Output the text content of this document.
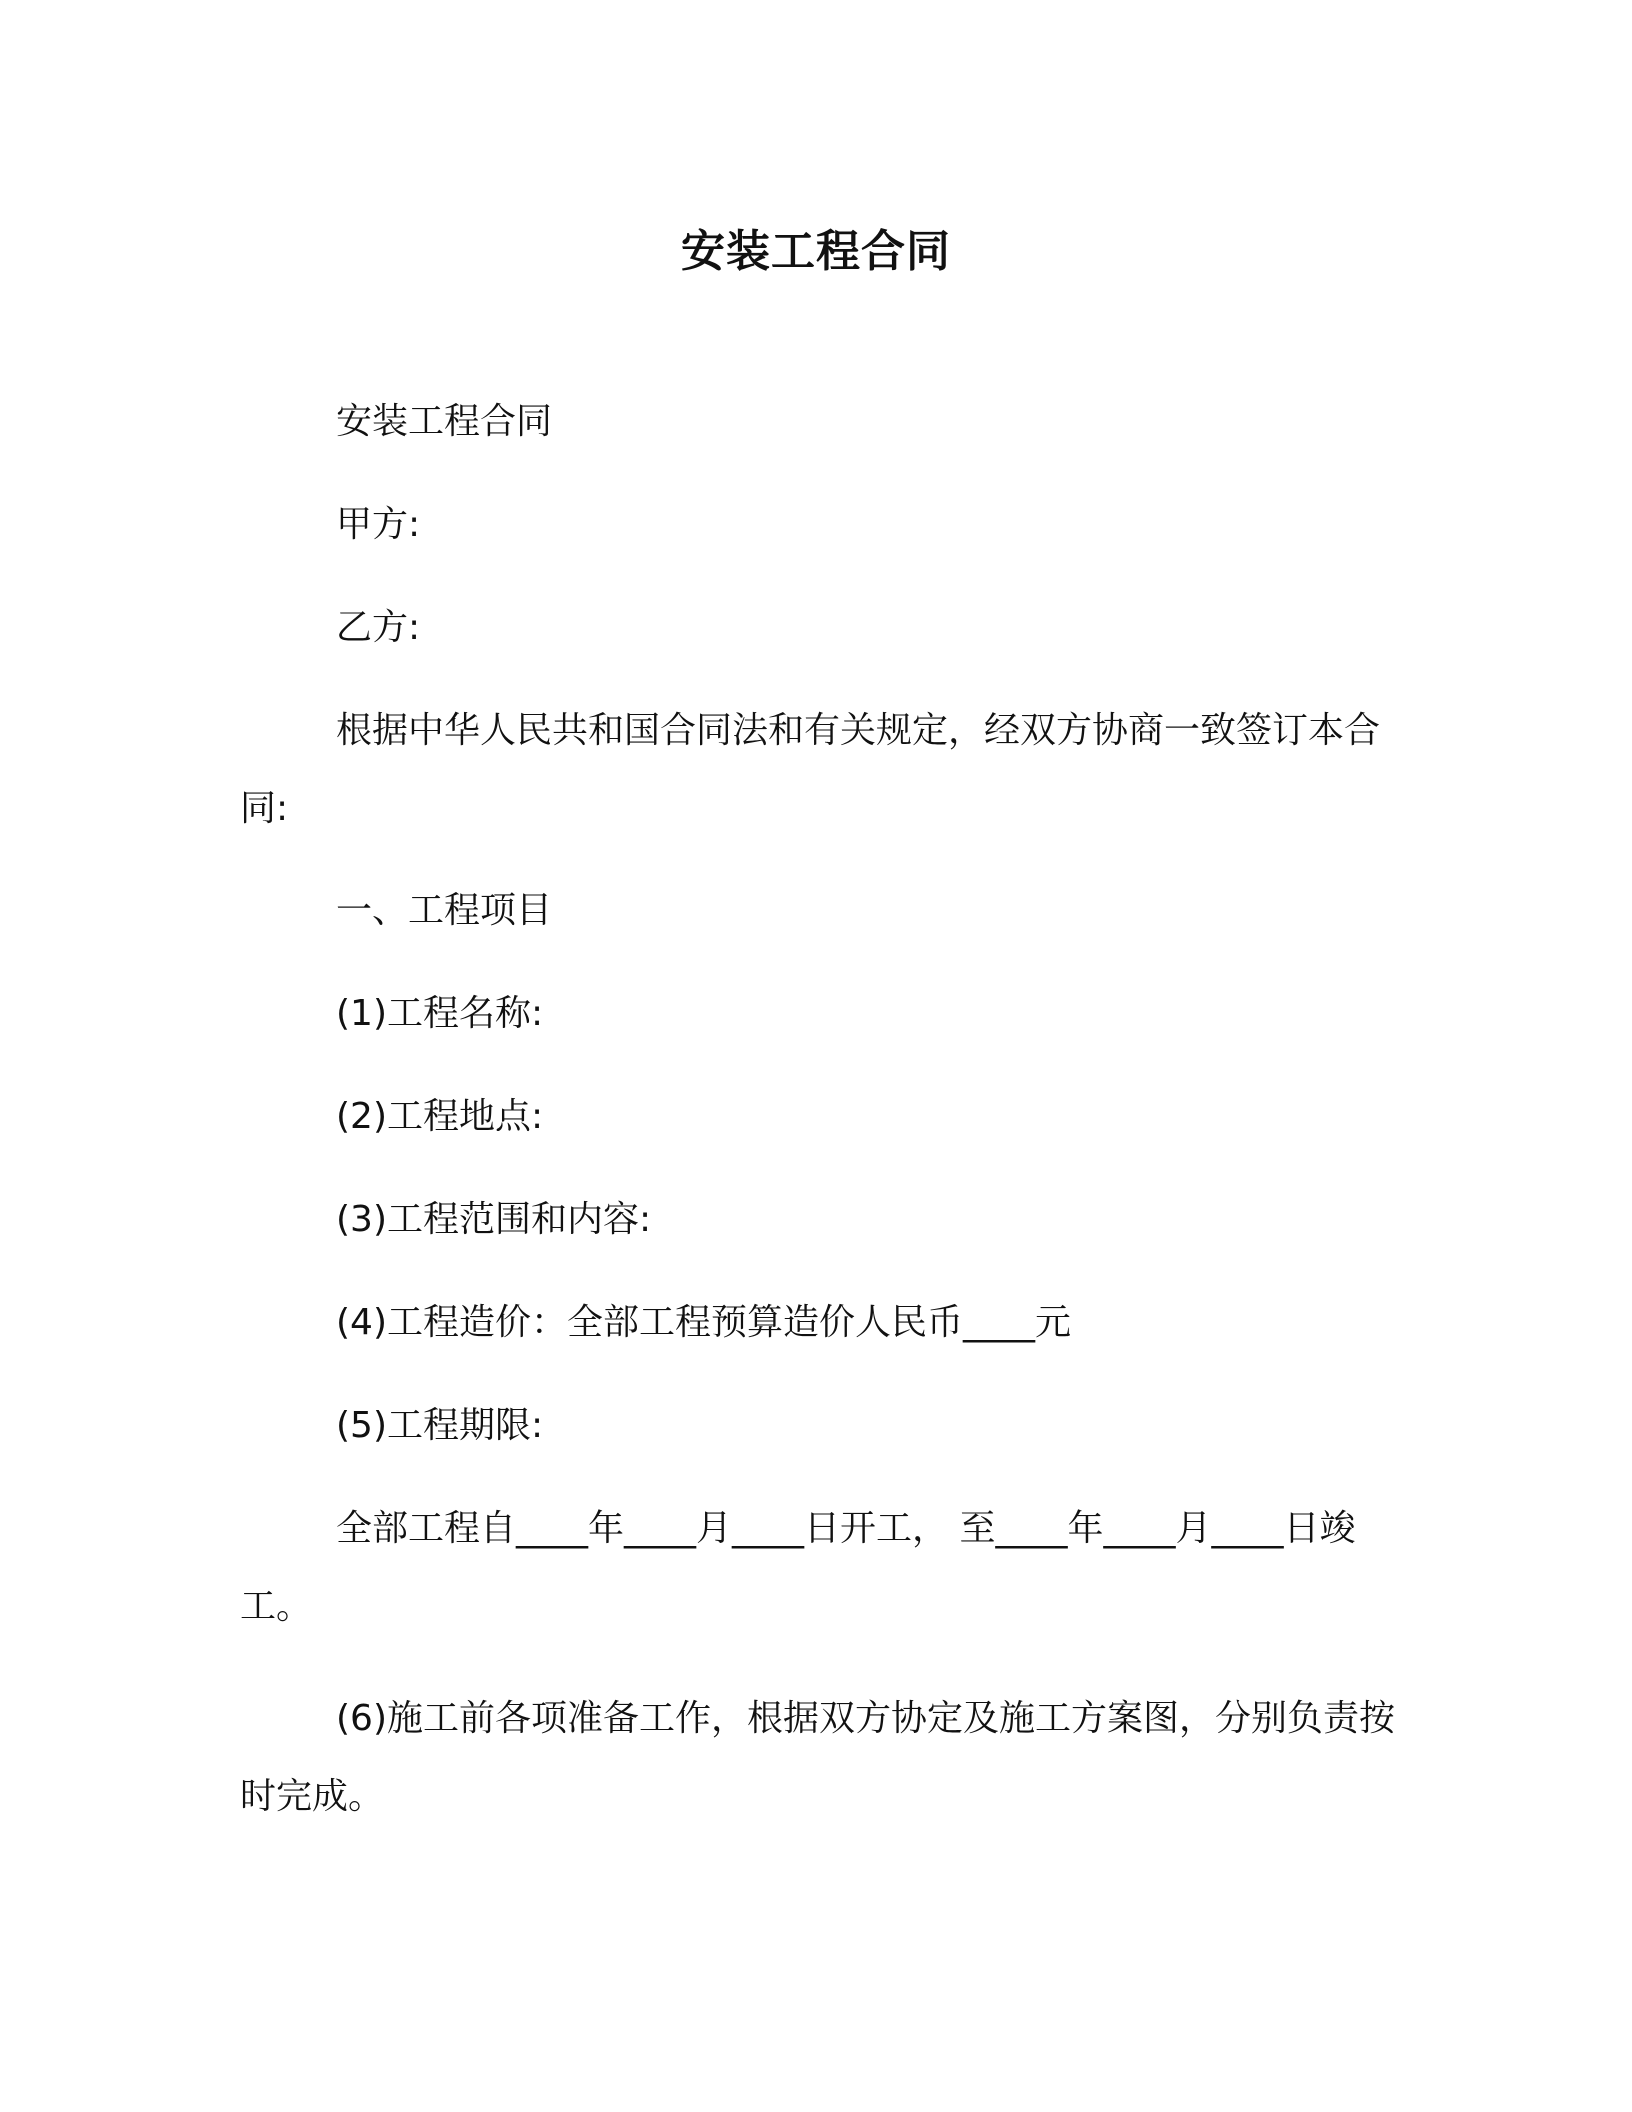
安装工程合同
安装工程合同
甲方:
乙方:
根据中华人民共和国合同法和有关规定，经双方协商一致签订本合同:
一、工程项目
(1)工程名称:
(2)工程地点:
(3)工程范围和内容:
(4)工程造价：全部工程预算造价人民币____元
(5)工程期限:
全部工程自____年____月____日开工， 至____年____月____日竣 工。
(6)施工前各项准备工作，根据双方协定及施工方案图，分别负责按时完成。
